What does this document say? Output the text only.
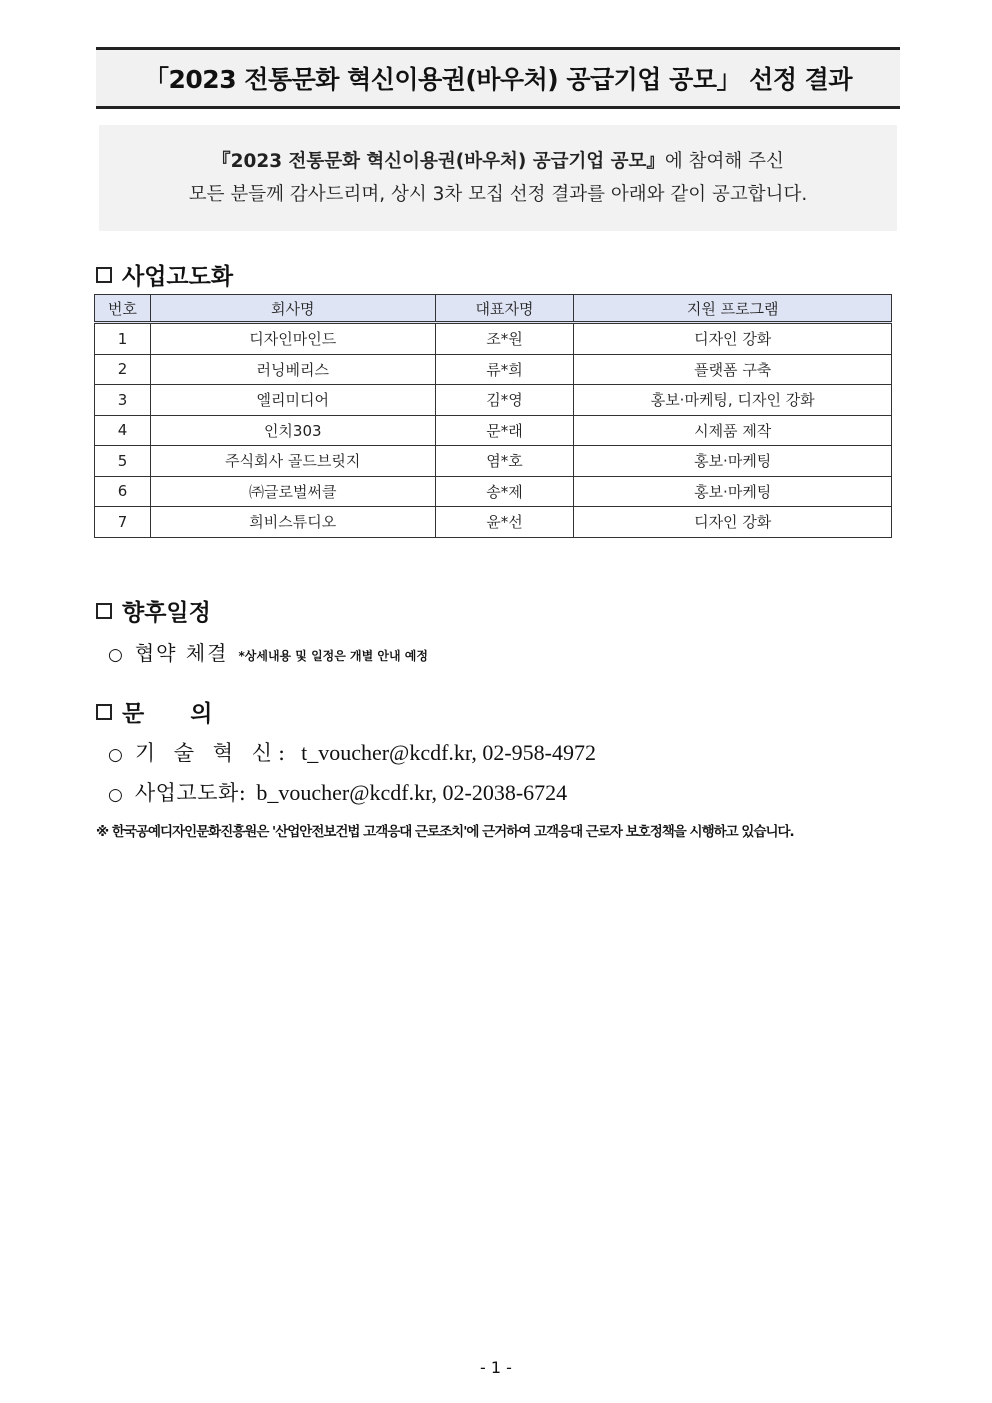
「2023 전통문화 혁신이용권(바우처) 공급기업 공모」 선정 결과
『2023 전통문화 혁신이용권(바우처) 공급기업 공모』에 참여해 주신
모든 분들께 감사드리며, 상시 3차 모집 선정 결과를 아래와 같이 공고합니다.
사업고도화
번호	회사명	대표자명	지원 프로그램
1	디자인마인드	조*원	디자인 강화
2	러닝베리스	류*희	플랫폼 구축
3	엘리미디어	김*영	홍보·마케팅, 디자인 강화
4	인치303	문*래	시제품 제작
5	주식회사 골드브릿지	염*호	홍보·마케팅
6	㈜글로벌써클	송*제	홍보·마케팅
7	희비스튜디오	윤*선	디자인 강화
향후일정
○ 협약 체결 *상세내용 및 일정은 개별 안내 예정
문　　의
○ 기 술 혁 신: t_voucher@kcdf.kr, 02-958-4972
○ 사업고도화: b_voucher@kcdf.kr, 02-2038-6724
※ 한국공예디자인문화진흥원은 '산업안전보건법 고객응대 근로조치'에 근거하여 고객응대 근로자 보호정책을 시행하고 있습니다.
- 1 -
